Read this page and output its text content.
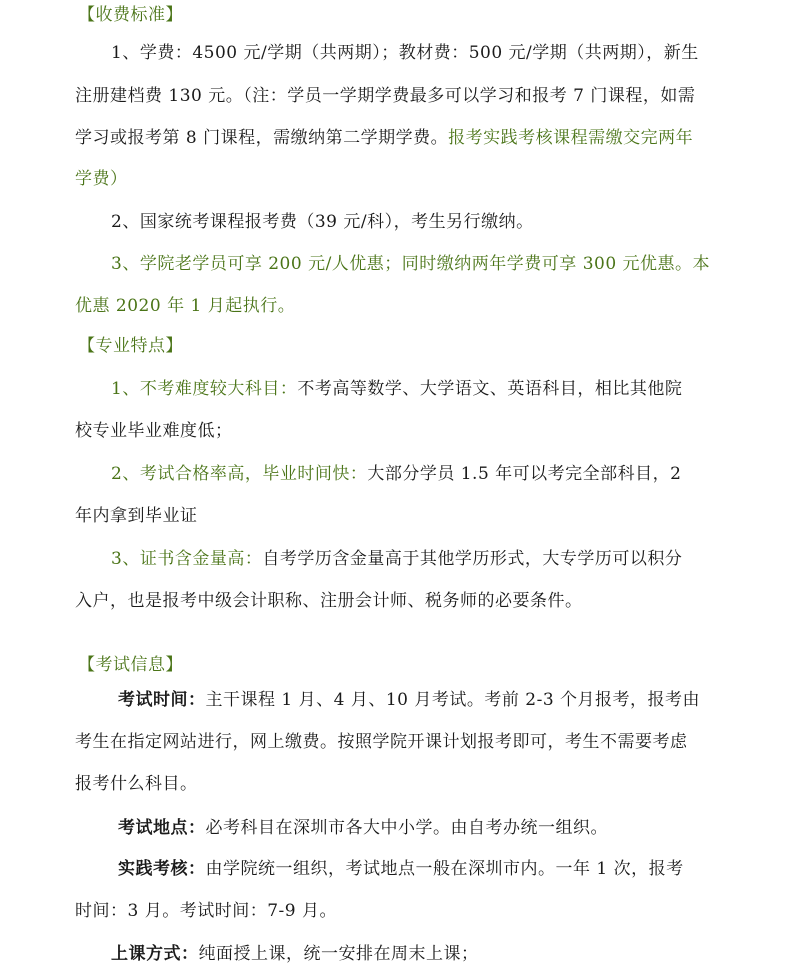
【收费标准】
1、学费：4500 元/学期（共两期）；教材费：500 元/学期（共两期），新生
注册建档费 130 元。（注：学员一学期学费最多可以学习和报考 7 门课程，如需
学习或报考第 8 门课程，需缴纳第二学期学费。报考实践考核课程需缴交完两年
学费）
2、国家统考课程报考费（39 元/科），考生另行缴纳。
3、学院老学员可享 200 元/人优惠；同时缴纳两年学费可享 300 元优惠。本
优惠 2020 年 1 月起执行。
【专业特点】
1、不考难度较大科目：不考高等数学、大学语文、英语科目，相比其他院
校专业毕业难度低；
2、考试合格率高，毕业时间快：大部分学员 1.5 年可以考完全部科目，2
年内拿到毕业证
3、证书含金量高：自考学历含金量高于其他学历形式，大专学历可以积分
入户，也是报考中级会计职称、注册会计师、税务师的必要条件。
【考试信息】
考试时间：主干课程 1 月、4 月、10 月考试。考前 2-3 个月报考，报考由
考生在指定网站进行，网上缴费。按照学院开课计划报考即可，考生不需要考虑
报考什么科目。
考试地点：必考科目在深圳市各大中小学。由自考办统一组织。
实践考核：由学院统一组织，考试地点一般在深圳市内。一年 1 次，报考
时间：3 月。考试时间：7-9 月。
上课方式：纯面授上课，统一安排在周末上课；
